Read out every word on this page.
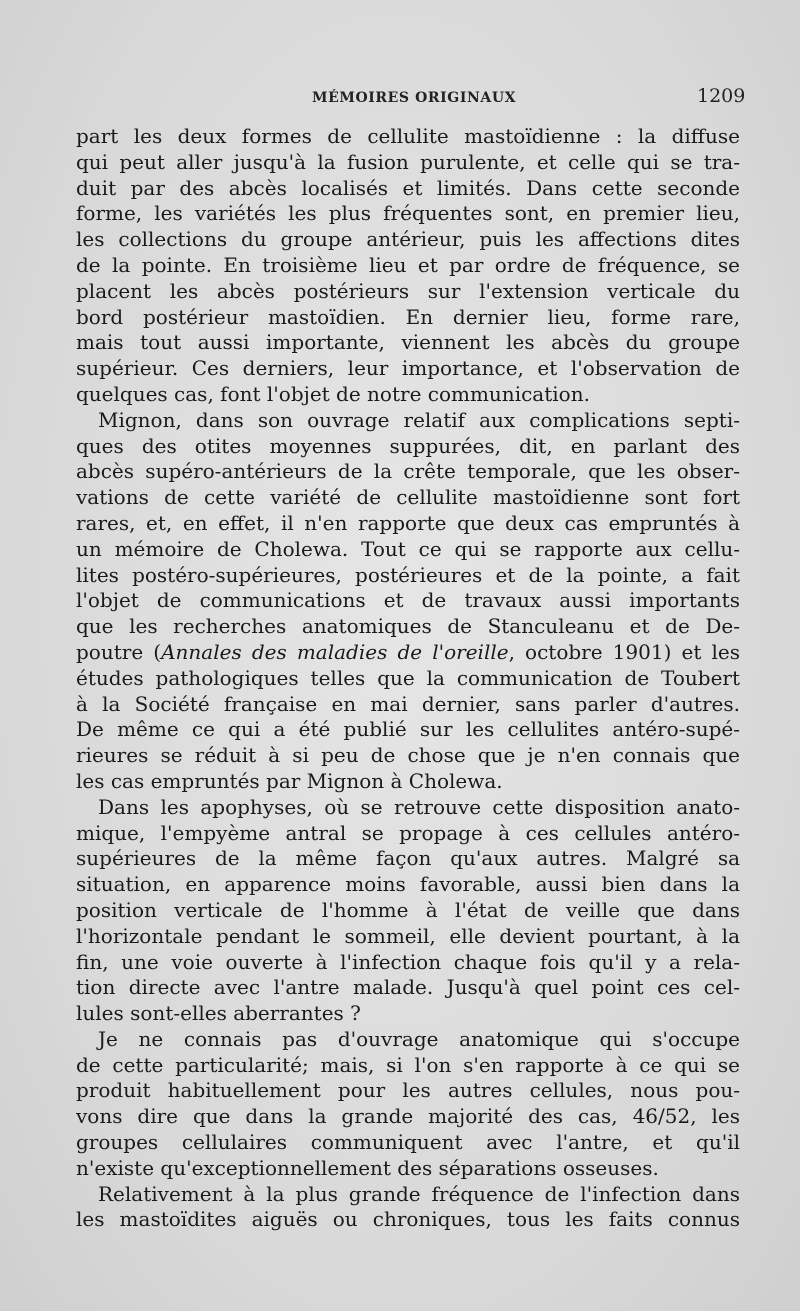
MÉMOIRES ORIGINAUX	1209
part les deux formes de cellulite mastoïdienne : la diffuse
qui peut aller jusqu'à la fusion purulente, et celle qui se tra-
duit par des abcès localisés et limités. Dans cette seconde
forme, les variétés les plus fréquentes sont, en premier lieu,
les collections du groupe antérieur, puis les affections dites
de la pointe. En troisième lieu et par ordre de fréquence, se
placent les abcès postérieurs sur l'extension verticale du
bord postérieur mastoïdien. En dernier lieu, forme rare,
mais tout aussi importante, viennent les abcès du groupe
supérieur. Ces derniers, leur importance, et l'observation de
quelques cas, font l'objet de notre communication.
Mignon, dans son ouvrage relatif aux complications septi-
ques des otites moyennes suppurées, dit, en parlant des
abcès supéro-antérieurs de la crête temporale, que les obser-
vations de cette variété de cellulite mastoïdienne sont fort
rares, et, en effet, il n'en rapporte que deux cas empruntés à
un mémoire de Cholewa. Tout ce qui se rapporte aux cellu-
lites postéro-supérieures, postérieures et de la pointe, a fait
l'objet de communications et de travaux aussi importants
que les recherches anatomiques de Stanculeanu et de De-
poutre (Annales des maladies de l'oreille, octobre 1901) et les
études pathologiques telles que la communication de Toubert
à la Société française en mai dernier, sans parler d'autres.
De même ce qui a été publié sur les cellulites antéro-supé-
rieures se réduit à si peu de chose que je n'en connais que
les cas empruntés par Mignon à Cholewa.
Dans les apophyses, où se retrouve cette disposition anato-
mique, l'empyème antral se propage à ces cellules antéro-
supérieures de la même façon qu'aux autres. Malgré sa
situation, en apparence moins favorable, aussi bien dans la
position verticale de l'homme à l'état de veille que dans
l'horizontale pendant le sommeil, elle devient pourtant, à la
fin, une voie ouverte à l'infection chaque fois qu'il y a rela-
tion directe avec l'antre malade. Jusqu'à quel point ces cel-
lules sont-elles aberrantes ?
Je ne connais pas d'ouvrage anatomique qui s'occupe
de cette particularité; mais, si l'on s'en rapporte à ce qui se
produit habituellement pour les autres cellules, nous pou-
vons dire que dans la grande majorité des cas, 46/52, les
groupes cellulaires communiquent avec l'antre, et qu'il
n'existe qu'exceptionnellement des séparations osseuses.
Relativement à la plus grande fréquence de l'infection dans
les mastoïdites aiguës ou chroniques, tous les faits connus
